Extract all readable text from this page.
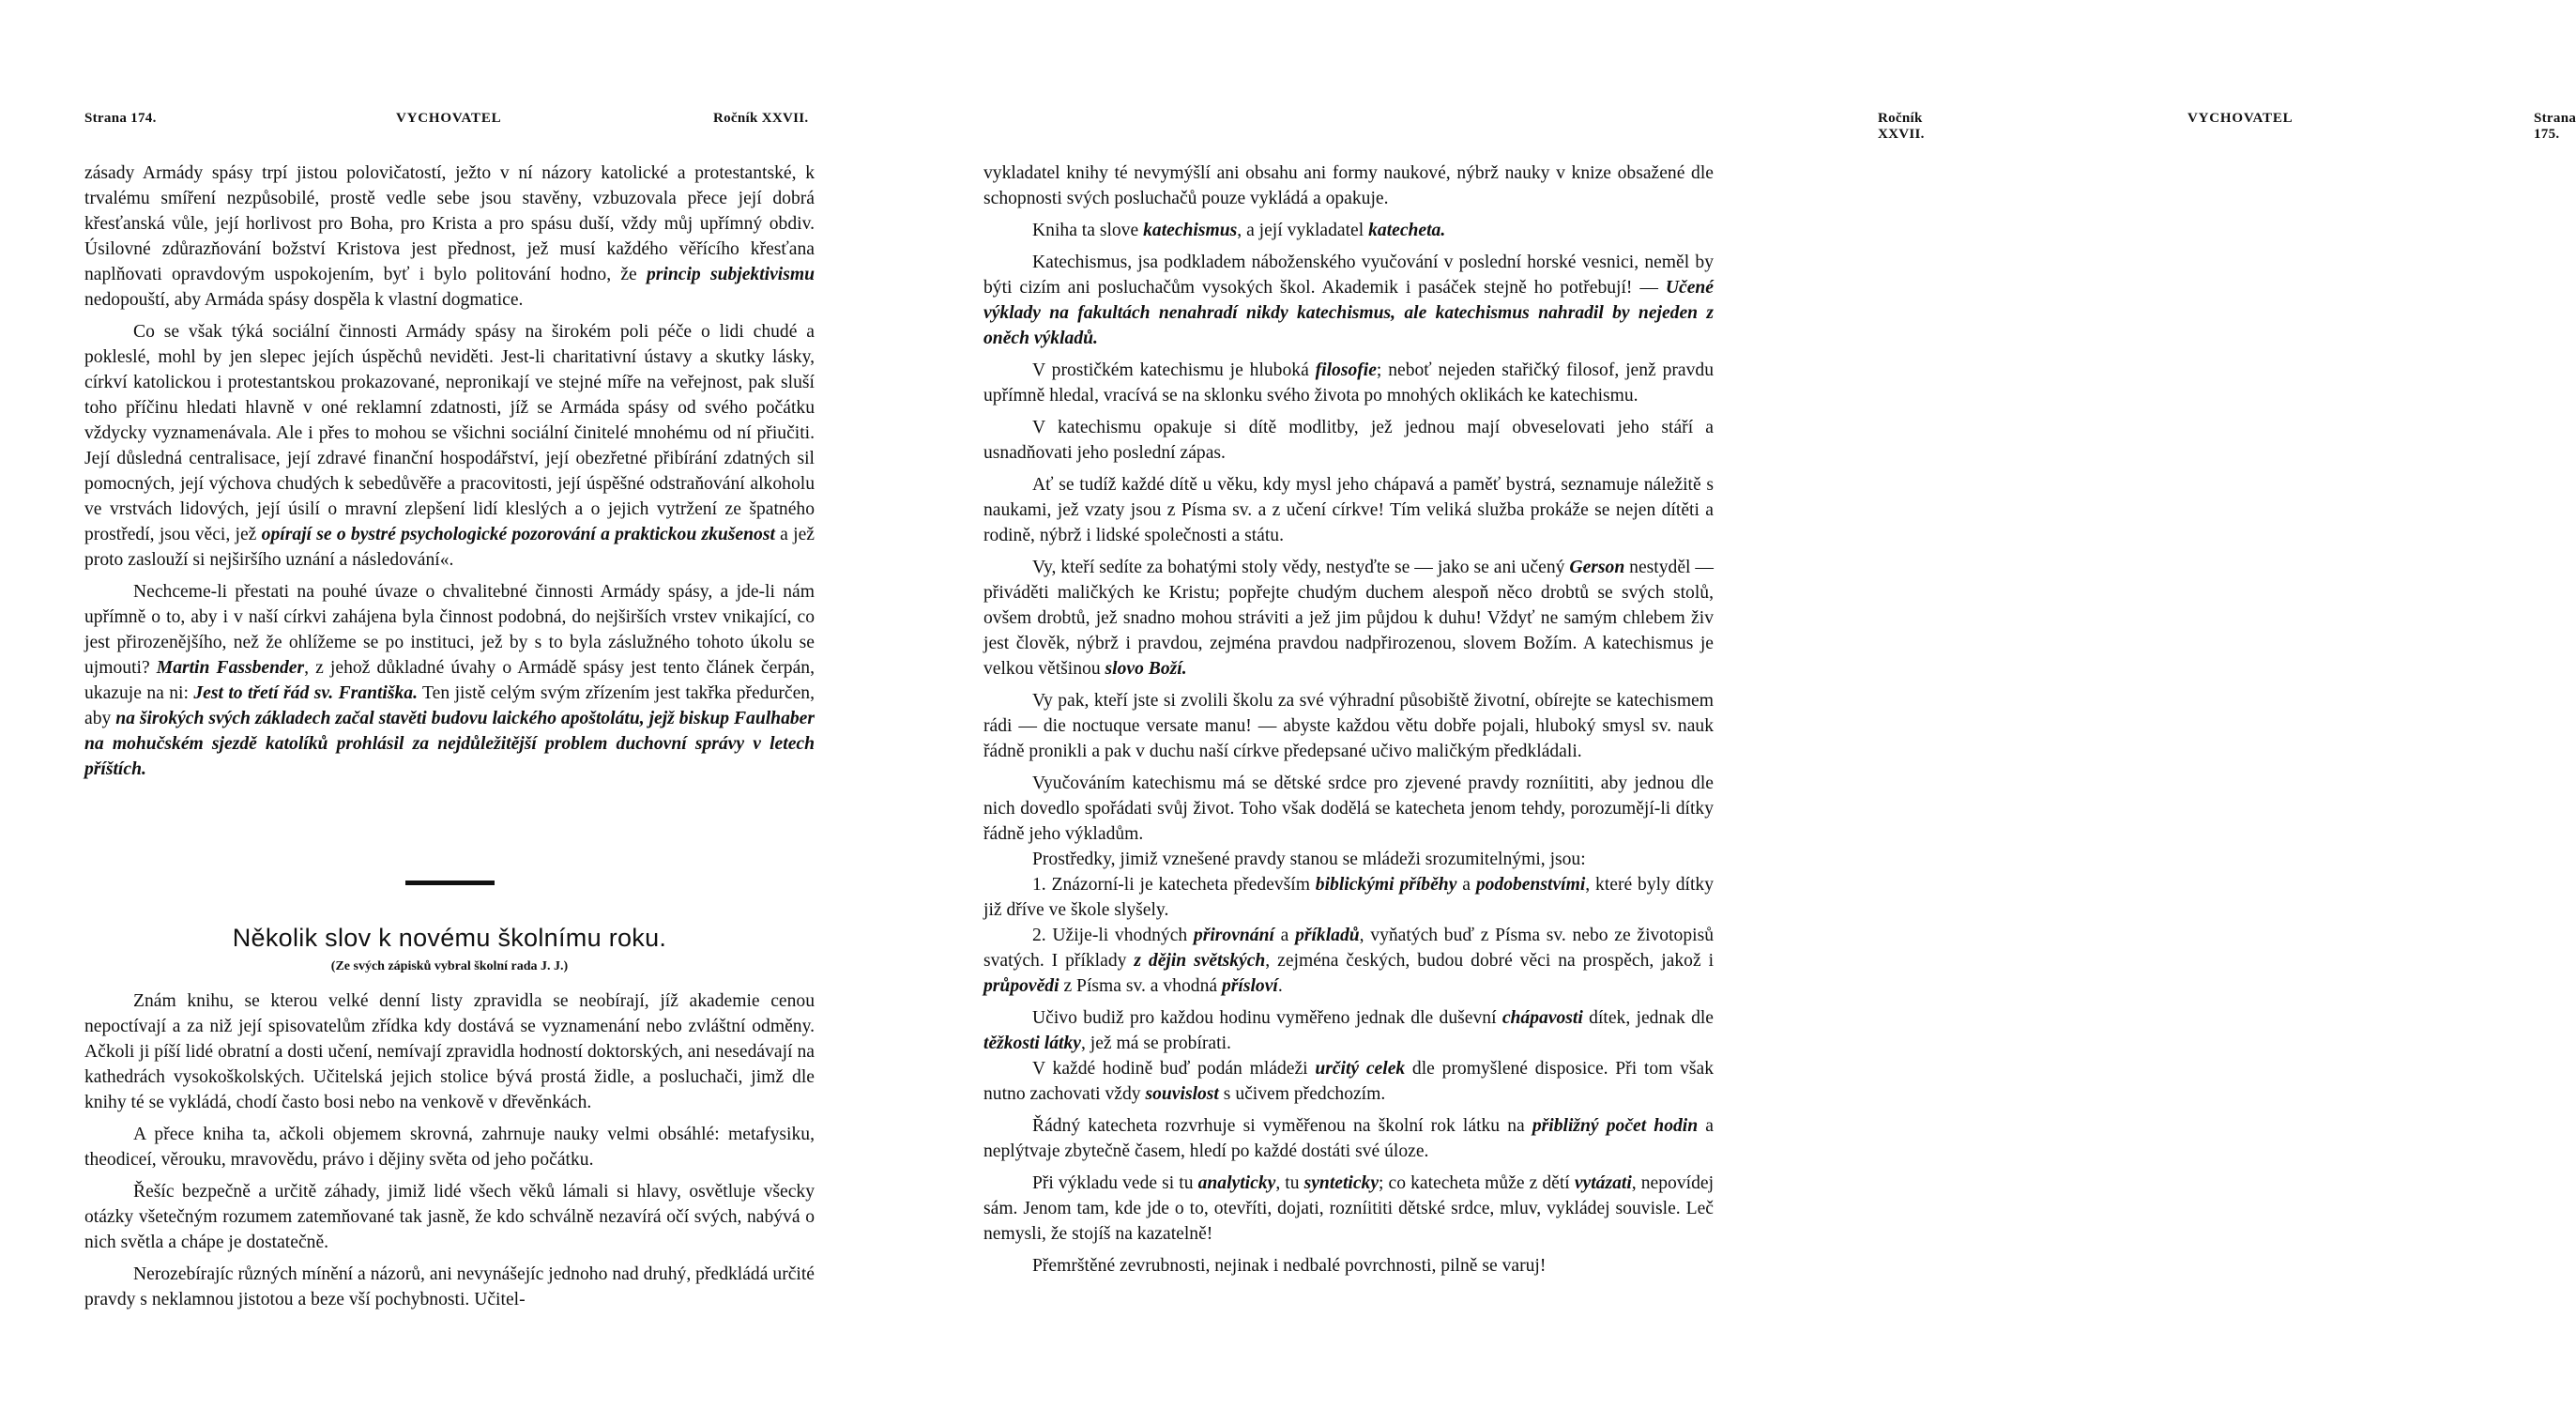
Strana 174.	VYCHOVATEL	Ročník XXVII.

zásady Armády spásy trpí jistou polovičatostí, ježto v ní názory katolické a protestantské, k trvalému smíření nezpůsobilé, prostě vedle sebe jsou stavěny, vzbuzovala přece její dobrá křesťanská vůle, její horlivost pro Boha, pro Krista a pro spásu duší, vždy můj upřímný obdiv. Úsilovné zdůrazňování božství Kristova jest přednost, jež musí každého věřícího křesťana naplňovati opravdovým uspokojením, byť i bylo politování hodno, že princip subjektivismu nedopouští, aby Armáda spásy dospěla k vlastní dogmatice.

Co se však týká sociální činnosti Armády spásy na širokém poli péče o lidi chudé a pokleslé, mohl by jen slepec jejích úspěchů neviděti. Jest-li charitativní ústavy a skutky lásky, církví katolickou i protestantskou prokazované, nepronikají ve stejné míře na veřejnost, pak sluší toho příčinu hledati hlavně v oné reklamní zdatnosti, jíž se Armáda spásy od svého počátku vždycky vyznamenávala. Ale i přes to mohou se všichni sociální činitelé mnohému od ní přiučiti. Její důsledná centralisace, její zdravé finanční hospodářství, její obezřetné přibírání zdatných sil pomocných, její výchova chudých k sebedůvěře a pracovitosti, její úspěšné odstraňování alkoholu ve vrstvách lidových, její úsilí o mravní zlepšení lidí kleslých a o jejich vytržení ze špatného prostředí, jsou věci, jež opírají se o bystré psychologické pozorování a praktickou zkušenost a jež proto zaslouží si nejširšího uznání a následování«.

Nechceme-li přestati na pouhé úvaze o chvalitebné činnosti Armády spásy, a jde-li nám upřímně o to, aby i v naší církvi zahájena byla činnost podobná, do nejširších vrstev vnikající, co jest přirozenějšího, než že ohlížeme se po instituci, jež by s to byla záslužného tohoto úkolu se ujmouti? Martin Fassbender, z jehož důkladné úvahy o Armádě spásy jest tento článek čerpán, ukazuje na ni: Jest to třetí řád sv. Františka. Ten jistě celým svým zřízením jest takřka předurčen, aby na širokých svých základech začal stavěti budovu laického apoštolátu, jejž biskup Faulhaber na mohučském sjezdě katolíků prohlásil za nejdůležitější problem duchovní správy v letech příštích.

Několik slov k novému školnímu roku.
(Ze svých zápisků vybral školní rada J. J.)

Znám knihu, se kterou velké denní listy zpravidla se neobírají, jíž akademie cenou nepoctívají a za niž její spisovatelům zřídka kdy dostává se vyznamenání nebo zvláštní odměny. Ačkoli ji píší lidé obratní a dosti učení, nemívají zpravidla hodností doktorských, ani nesedávají na kathedrách vysokoškolských. Učitelská jejich stolice bývá prostá židle, a posluchači, jimž dle knihy té se vykládá, chodí často bosi nebo na venkově v dřevěnkách.

A přece kniha ta, ačkoli objemem skrovná, zahrnuje nauky velmi obsáhlé: metafysiku, theodiceí, věrouku, mravovědu, právo i dějiny světa od jeho počátku.

Řešíc bezpečně a určitě záhady, jimiž lidé všech věků lámali si hlavy, osvětluje všecky otázky všetečným rozumem zatemňované tak jasně, že kdo schválně nezavírá očí svých, nabývá o nich světla a chápe je dostatečně.

Nerozebírajíc různých mínění a názorů, ani nevynášejíc jednoho nad druhý, předkládá určité pravdy s neklamnou jistotou a beze vší pochybnosti. Učitel-

Ročník XXVII.
VYCHOVATEL	Strana 175.

vykladatel knihy té nevymýšlí ani obsahu ani formy naukové, nýbrž nauky v knize obsažené dle schopnosti svých posluchačů pouze vykládá a opakuje.

Kniha ta slove katechismus, a její vykladatel katecheta.

Katechismus, jsa podkladem náboženského vyučování v poslední horské vesnici, neměl by býti cizím ani posluchačům vysokých škol. Akademik i pasáček stejně ho potřebují! — Učené výklady na fakultách nenahradí nikdy katechismus, ale katechismus nahradil by nejeden z oněch výkladů.

V prostičkém katechismu je hluboká filosofie; neboť nejeden stařičký filosof, jenž pravdu upřímně hledal, vracívá se na sklonku svého života po mnohých oklikách ke katechismu.

V katechismu opakuje si dítě modlitby, jež jednou mají obveselovati jeho stáří a usnadňovati jeho poslední zápas.

Ať se tudíž každé dítě u věku, kdy mysl jeho chápavá a paměť bystrá, seznamuje náležitě s naukami, jež vzaty jsou z Písma sv. a z učení církve! Tím veliká služba prokáže se nejen dítěti a rodině, nýbrž i lidské společnosti a státu.

Vy, kteří sedíte za bohatými stoly vědy, nestyďte se — jako se ani učený Gerson nestyděl — přiváděti maličkých ke Kristu; popřejte chudým duchem alespoň něco drobtů se svých stolů, ovšem drobtů, jež snadno mohou stráviti a jež jim půjdou k duhu! Vždyť ne samým chlebem živ jest člověk, nýbrž i pravdou, zejména pravdou nadpřirozenou, slovem Božím. A katechismus je velkou většinou slovo Boží.

Vy pak, kteří jste si zvolili školu za své výhradní působiště životní, obírejte se katechismem rádi — die noctuque versate manu! — abyste každou větu dobře pojali, hluboký smysl sv. nauk řádně pronikli a pak v duchu naší církve předepsané učivo maličkým předkládali.

Vyučováním katechismu má se dětské srdce pro zjevené pravdy rozníititi, aby jednou dle nich dovedlo spořádati svůj život. Toho však dodělá se katecheta jenom tehdy, porozumějí-li dítky řádně jeho výkladům.

Prostředky, jimiž vznešené pravdy stanou se mládeži srozumitelnými, jsou:

1. Znázorní-li je katecheta především biblickými příběhy a podobenstvími, které byly dítky již dříve ve škole slyšely.

2. Užije-li vhodných přirovnání a příkladů, vyňatých buď z Písma sv. nebo ze životopisů svatých. I příklady z dějin světských, zejména českých, budou dobré věci na prospěch, jakož i průpovědi z Písma sv. a vhodná přísloví.

Učivo budiž pro každou hodinu vyměřeno jednak dle duševní chápavosti dítek, jednak dle těžkosti látky, jež má se probírati.

V každé hodině buď podán mládeži určitý celek dle promyšlené disposice. Při tom však nutno zachovati vždy souvislost s učivem předchozím.

Řádný katecheta rozvrhuje si vyměřenou na školní rok látku na přibližný počet hodin a neplýtvaje zbytečně časem, hledí po každé dostáti své úloze.

Při výkladu vede si tu analyticky, tu synteticky; co katecheta může z dětí vytázati, nepovídej sám. Jenom tam, kde jde o to, otevříti, dojati, rozníititi dětské srdce, mluv, vykládej souvisle. Leč nemysli, že stojíš na kazatelně!

Přemrštěné zevrubnosti, nejinak i nedbalé povrchnosti, pilně se varuj!
